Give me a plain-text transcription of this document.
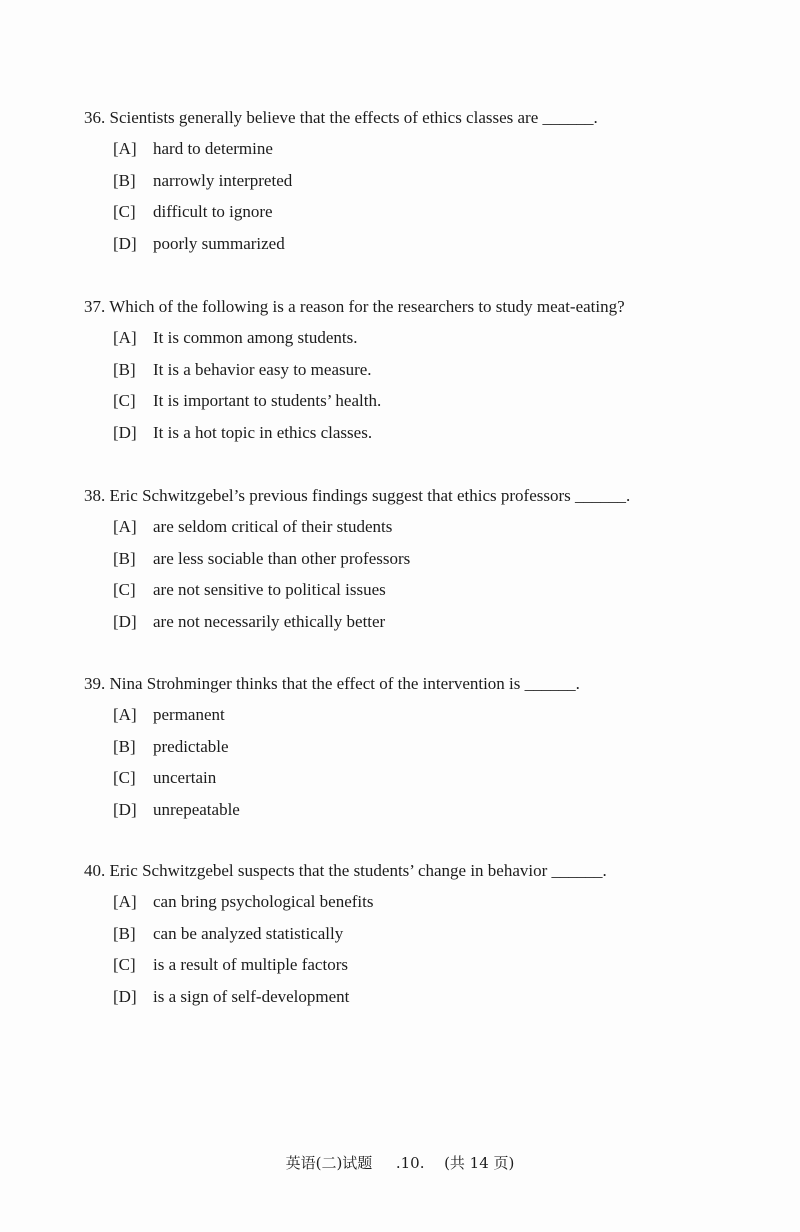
36. Scientists generally believe that the effects of ethics classes are ______.
[A] hard to determine
[B] narrowly interpreted
[C] difficult to ignore
[D] poorly summarized
37. Which of the following is a reason for the researchers to study meat-eating?
[A] It is common among students.
[B] It is a behavior easy to measure.
[C] It is important to students’ health.
[D] It is a hot topic in ethics classes.
38. Eric Schwitzgebel’s previous findings suggest that ethics professors ______.
[A] are seldom critical of their students
[B] are less sociable than other professors
[C] are not sensitive to political issues
[D] are not necessarily ethically better
39. Nina Strohminger thinks that the effect of the intervention is ______.
[A] permanent
[B] predictable
[C] uncertain
[D] unrepeatable
40. Eric Schwitzgebel suspects that the students’ change in behavior ______.
[A] can bring psychological benefits
[B] can be analyzed statistically
[C] is a result of multiple factors
[D] is a sign of self-development
英语(二)试题 .10. (共 14 页)
